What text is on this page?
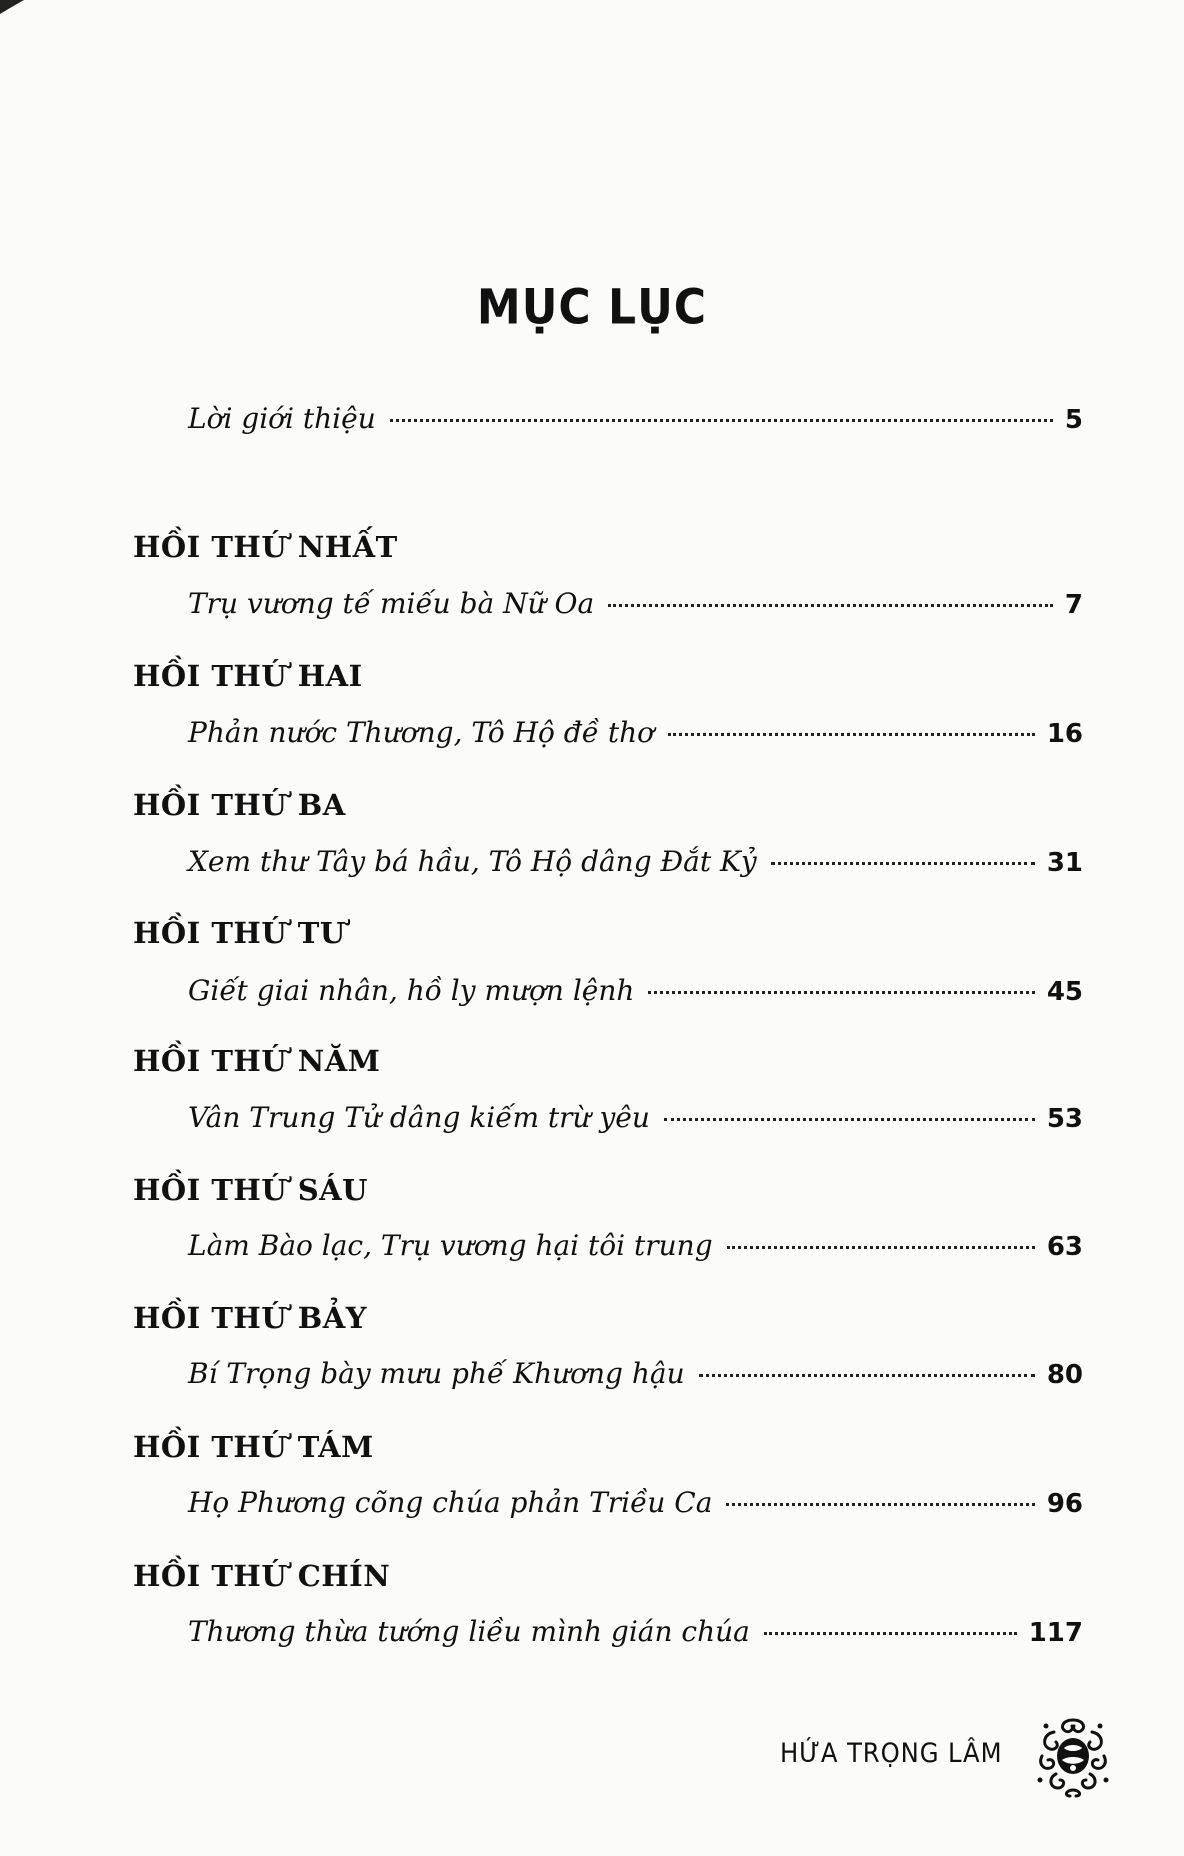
MỤC LỤC
Lời giới thiệu	5
HỒI THỨ NHẤT
Trụ vương tế miếu bà Nữ Oa	7
HỒI THỨ HAI
Phản nước Thương, Tô Hộ đề thơ	16
HỒI THỨ BA
Xem thư Tây bá hầu, Tô Hộ dâng Đắt Kỷ	31
HỒI THỨ TƯ
Giết giai nhân, hồ ly mượn lệnh	45
HỒI THỨ NĂM
Vân Trung Tử dâng kiếm trừ yêu	53
HỒI THỨ SÁU
Làm Bào lạc, Trụ vương hại tôi trung	63
HỒI THỨ BẢY
Bí Trọng bày mưu phế Khương hậu	80
HỒI THỨ TÁM
Họ Phương cõng chúa phản Triều Ca	96
HỒI THỨ CHÍN
Thương thừa tướng liều mình gián chúa	117
HỨA TRỌNG LÂM
